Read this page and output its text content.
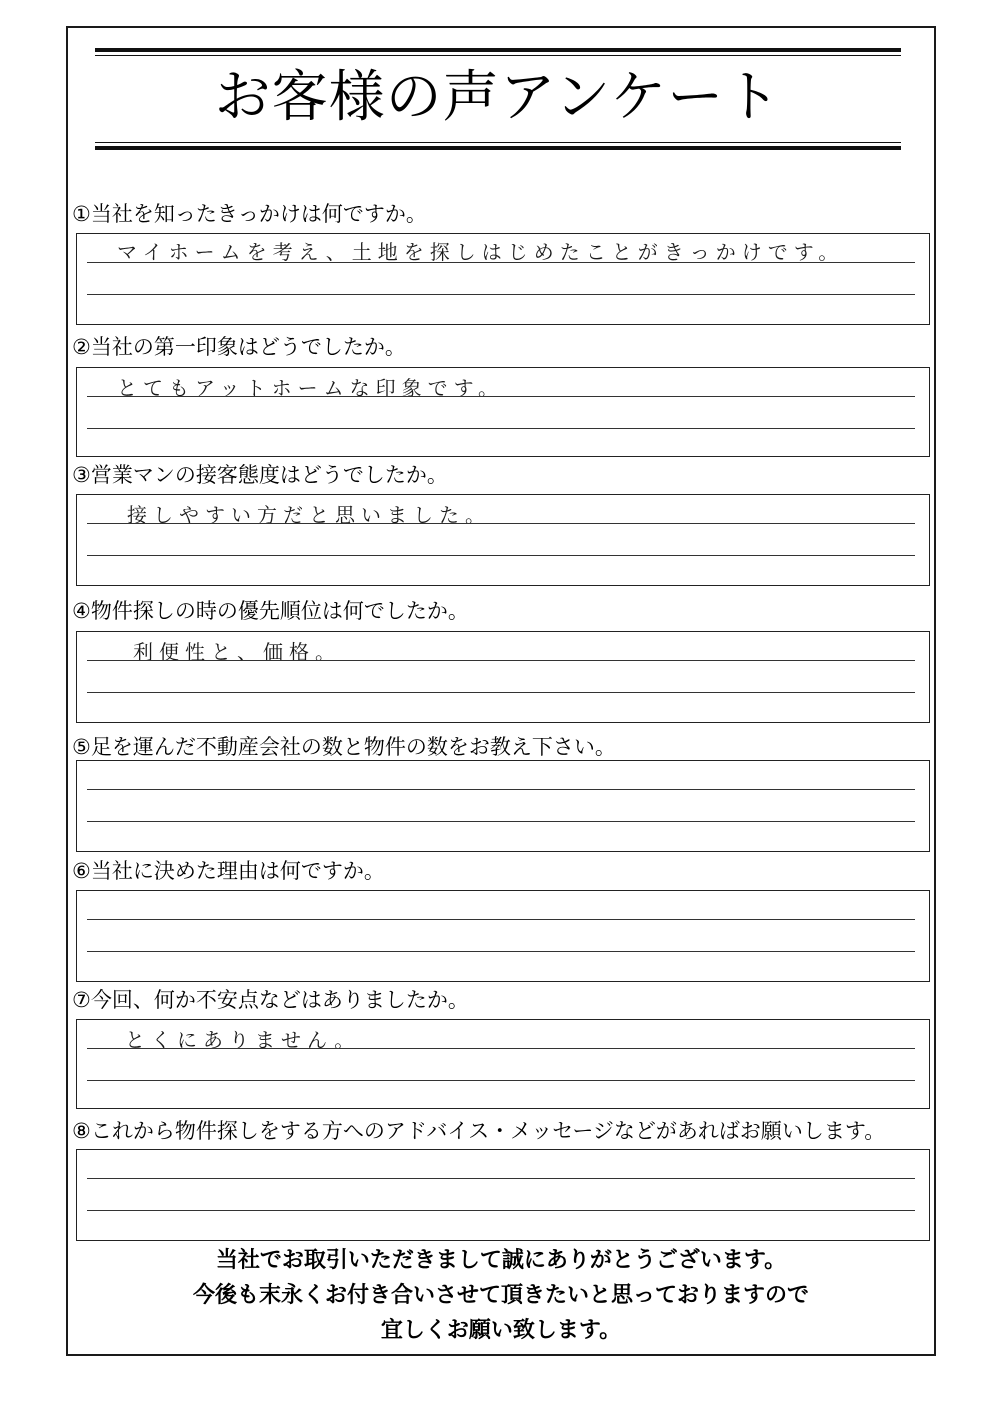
お客様の声アンケート
①当社を知ったきっかけは何ですか。
マイホームを考え、土地を探しはじめたことがきっかけです。
②当社の第一印象はどうでしたか。
とてもアットホームな印象です。
③営業マンの接客態度はどうでしたか。
接しやすい方だと思いました。
④物件探しの時の優先順位は何でしたか。
利便性と、価格。
⑤足を運んだ不動産会社の数と物件の数をお教え下さい。
⑥当社に決めた理由は何ですか。
⑦今回、何か不安点などはありましたか。
とくにありません。
⑧これから物件探しをする方へのアドバイス・メッセージなどがあればお願いします。
当社でお取引いただきまして誠にありがとうございます。
今後も末永くお付き合いさせて頂きたいと思っておりますので
宜しくお願い致します。
